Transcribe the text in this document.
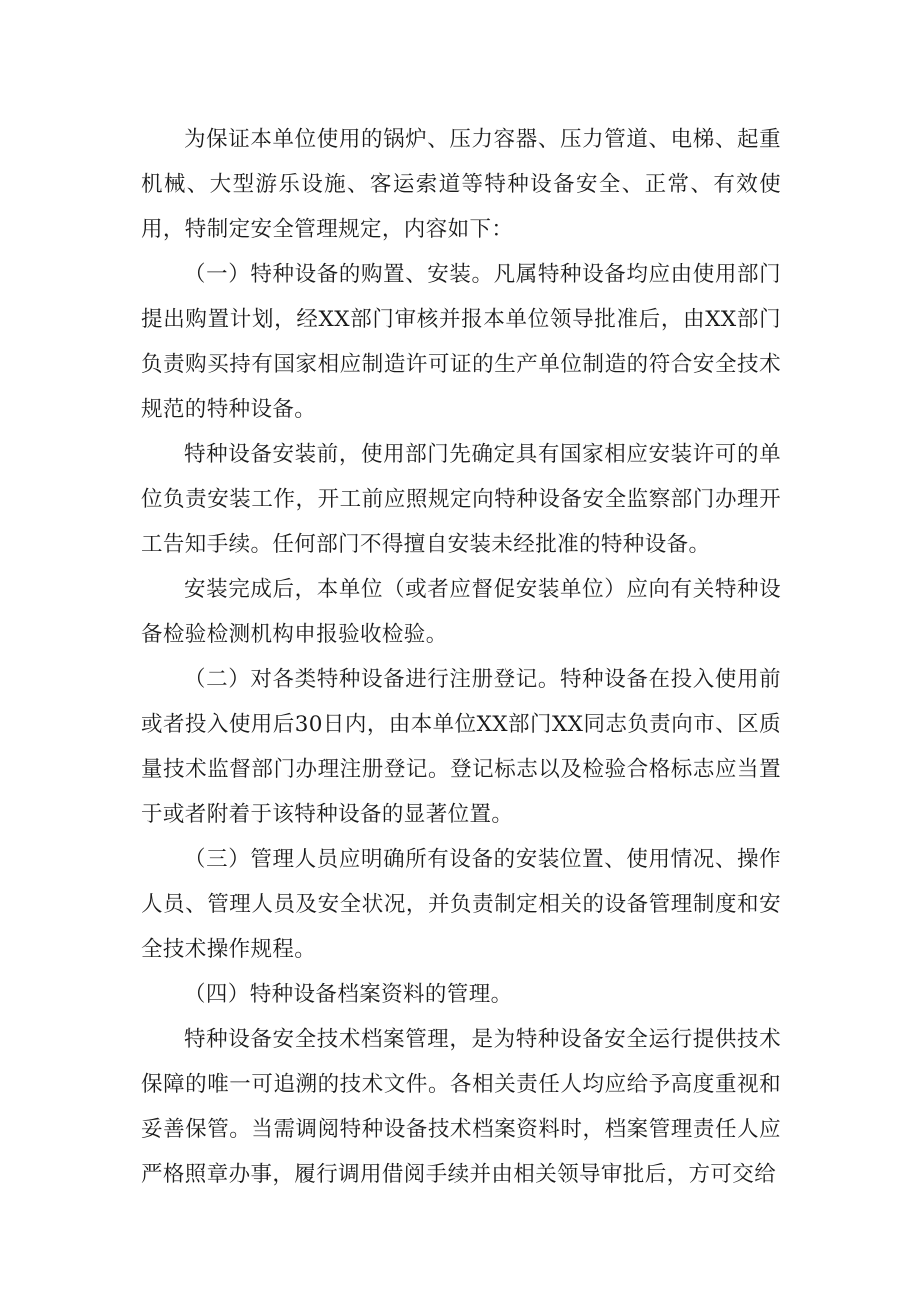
为保证本单位使用的锅炉、压力容器、压力管道、电梯、起重机械、大型游乐设施、客运索道等特种设备安全、正常、有效使用，特制定安全管理规定，内容如下：

（一）特种设备的购置、安装。凡属特种设备均应由使用部门提出购置计划，经XX部门审核并报本单位领导批准后，由XX部门负责购买持有国家相应制造许可证的生产单位制造的符合安全技术规范的特种设备。

特种设备安装前，使用部门先确定具有国家相应安装许可的单位负责安装工作，开工前应照规定向特种设备安全监察部门办理开工告知手续。任何部门不得擅自安装未经批准的特种设备。

安装完成后，本单位（或者应督促安装单位）应向有关特种设备检验检测机构申报验收检验。

（二）对各类特种设备进行注册登记。特种设备在投入使用前或者投入使用后30日内，由本单位XX部门XX同志负责向市、区质量技术监督部门办理注册登记。登记标志以及检验合格标志应当置于或者附着于该特种设备的显著位置。

（三）管理人员应明确所有设备的安装位置、使用情况、操作人员、管理人员及安全状况，并负责制定相关的设备管理制度和安全技术操作规程。

（四）特种设备档案资料的管理。

特种设备安全技术档案管理，是为特种设备安全运行提供技术保障的唯一可追溯的技术文件。各相关责任人均应给予高度重视和妥善保管。当需调阅特种设备技术档案资料时，档案管理责任人应严格照章办事，履行调用借阅手续并由相关领导审批后，方可交给
